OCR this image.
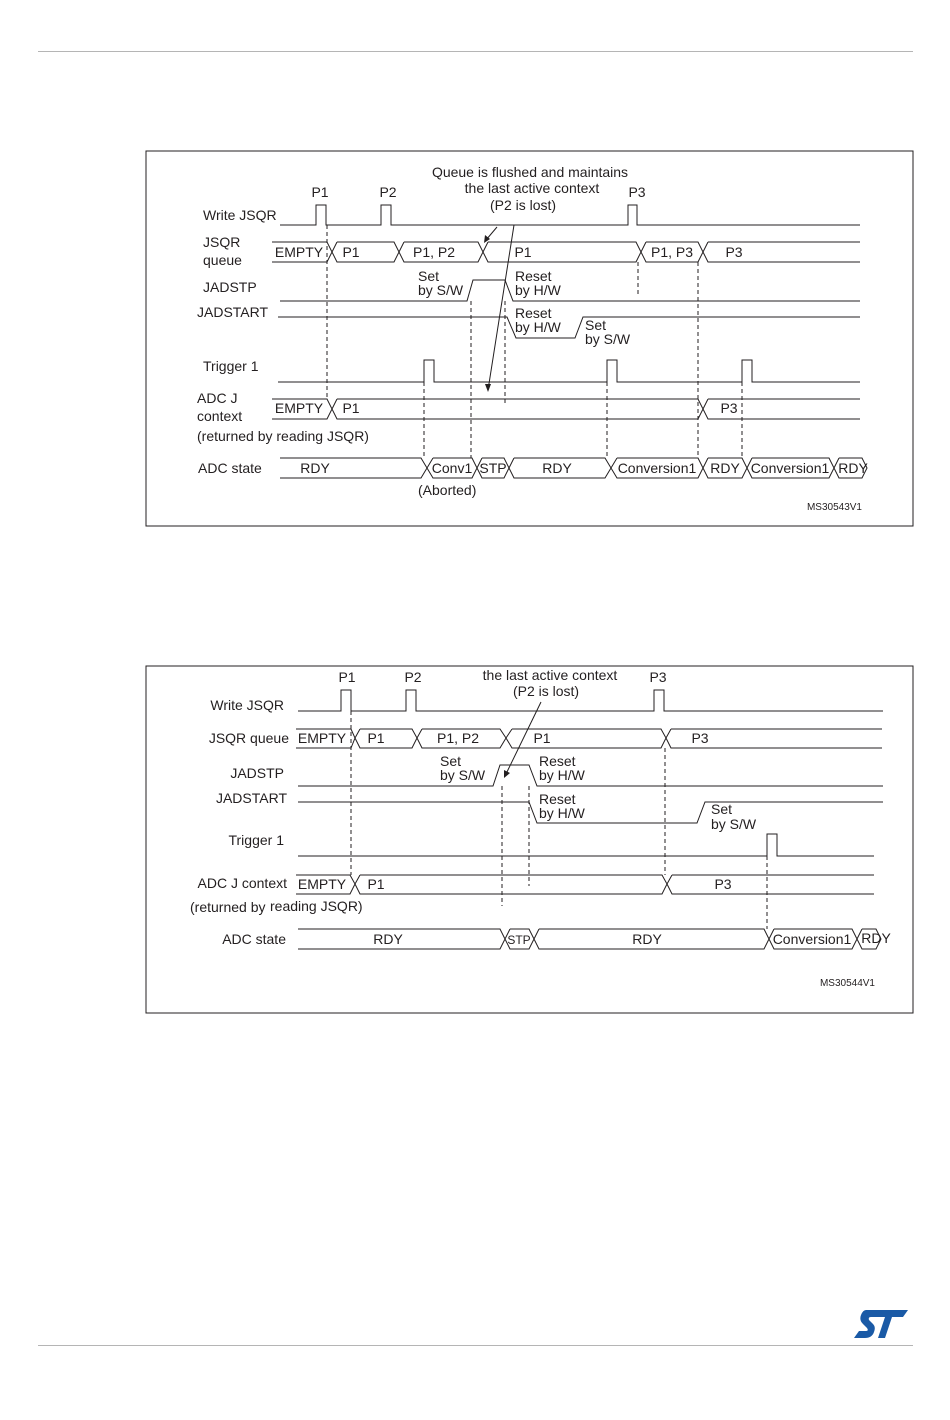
Queue is flushed and maintains
the last active context
(P2 is lost)
P1	P2	P3
Write JSQR
JSQR
queue
JADSTP
JADSTART
Trigger 1
ADC J
context
(returned by reading JSQR)
ADC state
EMPTY P1	P1, P2	P1	P1, P3 P3
Set
by S/W
Reset
by H/W
Reset
by H/W Set
by S/W
EMPTY P1	P3
RDY	Conv1 STP	RDY	Conversion1 RDY Conversion1 RDY
(Aborted)
MS30543V1
the last active context
(P2 is lost)
P1	P2	P3
Write JSQR
JSQR queue
JADSTP
JADSTART
Trigger 1
ADC J context
(returned by reading JSQR)
ADC state
EMPTY P1	P1, P2	P1	P3
Set
by S/W
Reset
by H/W
Reset
by H/W	Set
by S/W
EMPTY P1	P3
RDY	STP	RDY	Conversion1 RDY
MS30544V1
